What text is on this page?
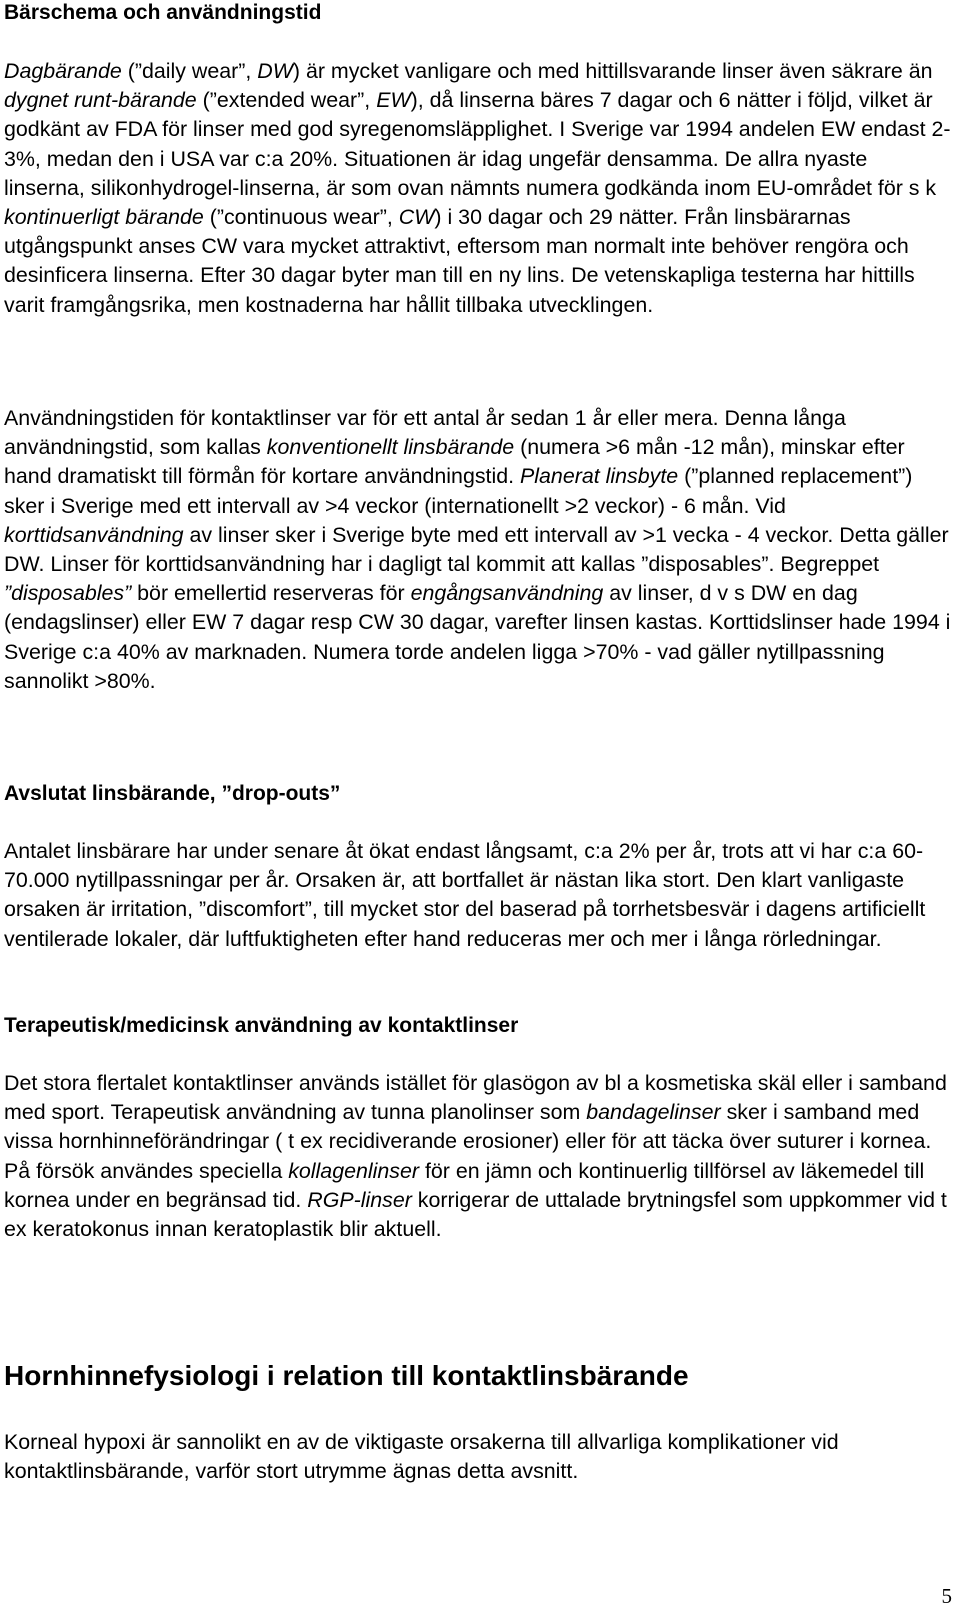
Bärschema och användningstid

Dagbärande (”daily wear”, DW) är mycket vanligare och med hittillsvarande linser även säkrare än dygnet runt-bärande (”extended wear”, EW), då linserna bäres 7 dagar och 6 nätter i följd, vilket är godkänt av FDA för linser med god syregenomsläpplighet. I Sverige var 1994 andelen EW endast 2-3%, medan den i USA var c:a 20%. Situationen är idag ungefär densamma. De allra nyaste linserna, silikonhydrogel-linserna, är som ovan nämnts numera godkända inom EU-området för s k kontinuerligt bärande (”continuous wear”, CW) i 30 dagar och 29 nätter. Från linsbärarnas utgångspunkt anses CW vara mycket attraktivt, eftersom man normalt inte behöver rengöra och desinficera linserna. Efter 30 dagar byter man till en ny lins. De vetenskapliga testerna har hittills varit framgångsrika, men kostnaderna har hållit tillbaka utvecklingen.

Användningstiden för kontaktlinser var för ett antal år sedan 1 år eller mera. Denna långa användningstid, som kallas konventionellt linsbärande (numera >6 mån -12 mån), minskar efter hand dramatiskt till förmån för kortare användningstid. Planerat linsbyte (”planned replacement”) sker i Sverige med ett intervall av >4 veckor (internationellt >2 veckor) - 6 mån. Vid korttidsanvändning av linser sker i Sverige byte med ett intervall av >1 vecka - 4 veckor. Detta gäller DW. Linser för korttidsanvändning har i dagligt tal kommit att kallas ”disposables”. Begreppet ”disposables” bör emellertid reserveras för engångsanvändning av linser, d v s DW en dag (endagslinser) eller EW 7 dagar resp CW 30 dagar, varefter linsen kastas. Korttidslinser hade 1994 i Sverige c:a 40% av marknaden. Numera torde andelen ligga >70% - vad gäller nytillpassning sannolikt >80%.

Avslutat linsbärande, ”drop-outs”

Antalet linsbärare har under senare åt ökat endast långsamt, c:a 2% per år, trots att vi har c:a 60-70.000 nytillpassningar per år. Orsaken är, att bortfallet är nästan lika stort. Den klart vanligaste orsaken är irritation, ”discomfort”, till mycket stor del baserad på torrhetsbesvär i dagens artificiellt ventilerade lokaler, där luftfuktigheten efter hand reduceras mer och mer i långa rörledningar.

Terapeutisk/medicinsk användning av kontaktlinser

Det stora flertalet kontaktlinser används istället för glasögon av bl a kosmetiska skäl eller i samband med sport. Terapeutisk användning av tunna planolinser som bandagelinser sker i samband med vissa hornhinneförändringar ( t ex recidiverande erosioner) eller för att täcka över suturer i kornea. På försök användes speciella kollagenlinser för en jämn och kontinuerlig tillförsel av läkemedel till kornea under en begränsad tid. RGP-linser korrigerar de uttalade brytningsfel som uppkommer vid t ex keratokonus innan keratoplastik blir aktuell.

Hornhinnefysiologi i relation till kontaktlinsbärande

Korneal hypoxi är sannolikt en av de viktigaste orsakerna till allvarliga komplikationer vid kontaktlinsbärande, varför stort utrymme ägnas detta avsnitt.

5
